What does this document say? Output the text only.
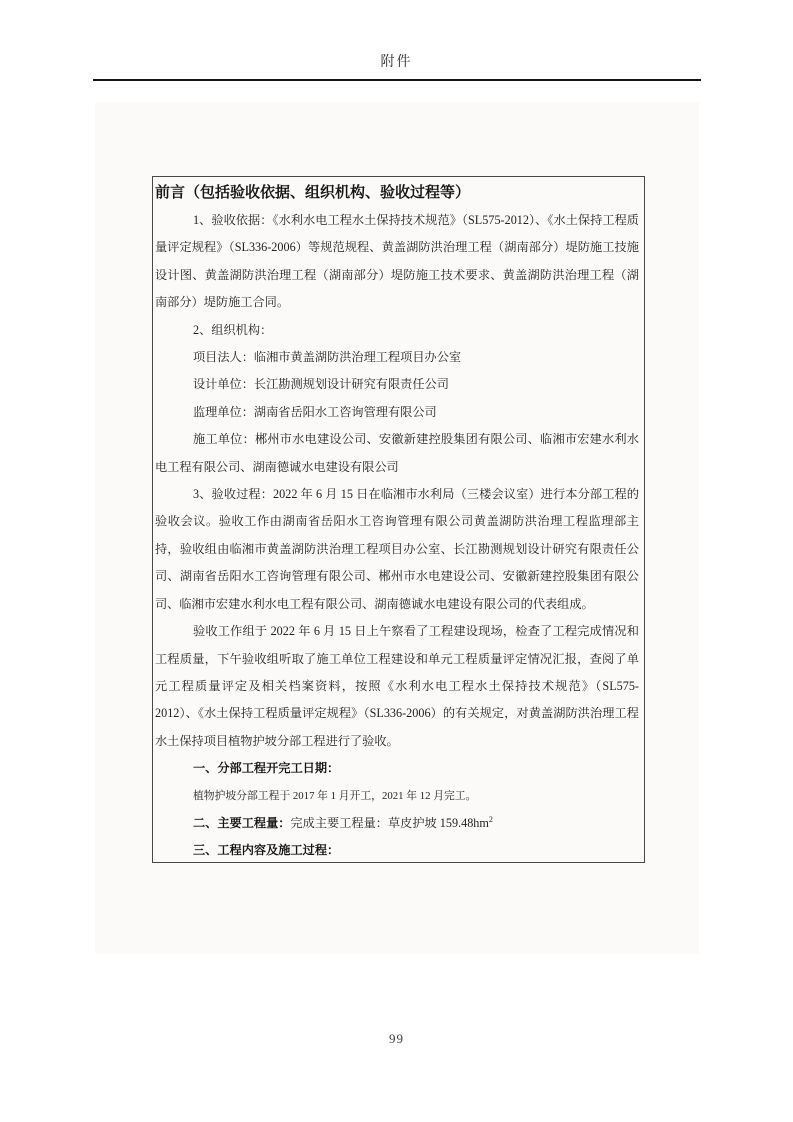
附件
前言（包括验收依据、组织机构、验收过程等）

1、验收依据：《水利水电工程水土保持技术规范》（SL575-2012）、《水土保持工程质量评定规程》（SL336-2006）等规范规程、黄盖湖防洪治理工程（湖南部分）堤防施工技施设计图、黄盖湖防洪治理工程（湖南部分）堤防施工技术要求、黄盖湖防洪治理工程（湖南部分）堤防施工合同。

2、组织机构：

项目法人：临湘市黄盖湖防洪治理工程项目办公室

设计单位：长江勘测规划设计研究有限责任公司

监理单位：湖南省岳阳水工咨询管理有限公司

施工单位：郴州市水电建设公司、安徽新建控股集团有限公司、临湘市宏建水利水电工程有限公司、湖南德诚水电建设有限公司

3、验收过程：2022 年 6 月 15 日在临湘市水利局（三楼会议室）进行本分部工程的验收会议。验收工作由湖南省岳阳水工咨询管理有限公司黄盖湖防洪治理工程监理部主持，验收组由临湘市黄盖湖防洪治理工程项目办公室、长江勘测规划设计研究有限责任公司、湖南省岳阳水工咨询管理有限公司、郴州市水电建设公司、安徽新建控股集团有限公司、临湘市宏建水利水电工程有限公司、湖南德诚水电建设有限公司的代表组成。

验收工作组于 2022 年 6 月 15 日上午察看了工程建设现场，检查了工程完成情况和工程质量，下午验收组听取了施工单位工程建设和单元工程质量评定情况汇报，查阅了单元工程质量评定及相关档案资料，按照《水利水电工程水土保持技术规范》（SL575-2012）、《水土保持工程质量评定规程》（SL336-2006）的有关规定，对黄盖湖防洪治理工程水土保持项目植物护坡分部工程进行了验收。

一、分部工程开完工日期：

植物护坡分部工程于 2017 年 1 月开工，2021 年 12 月完工。

二、主要工程量：完成主要工程量：草皮护坡 $159.48hm^2$

三、工程内容及施工过程：

99
